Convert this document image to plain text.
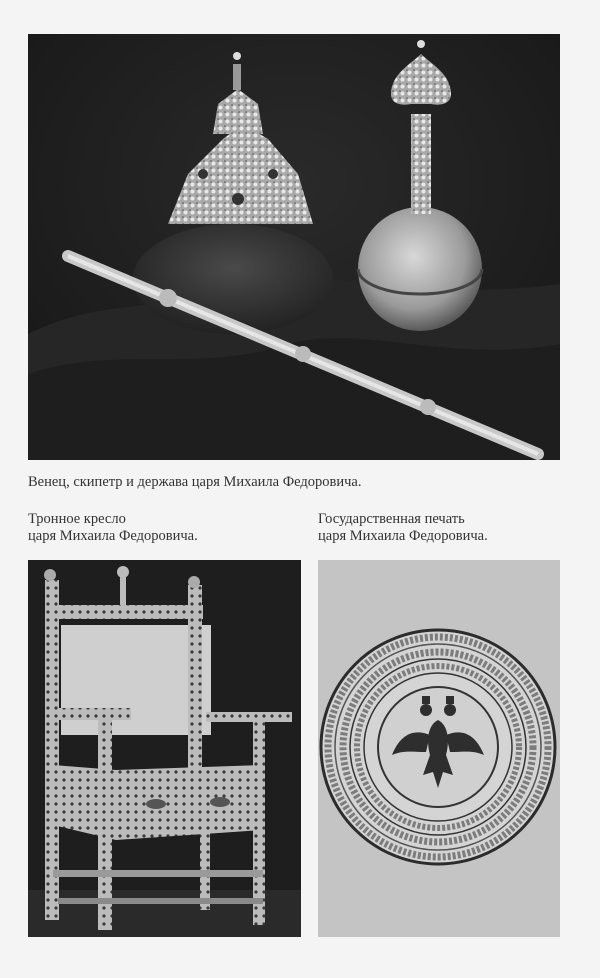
Венец, скипетр и держава царя Михаила Федоровича.
Тронное кресло
царя Михаила Федоровича.
Государственная печать
царя Михаила Федоровича.
